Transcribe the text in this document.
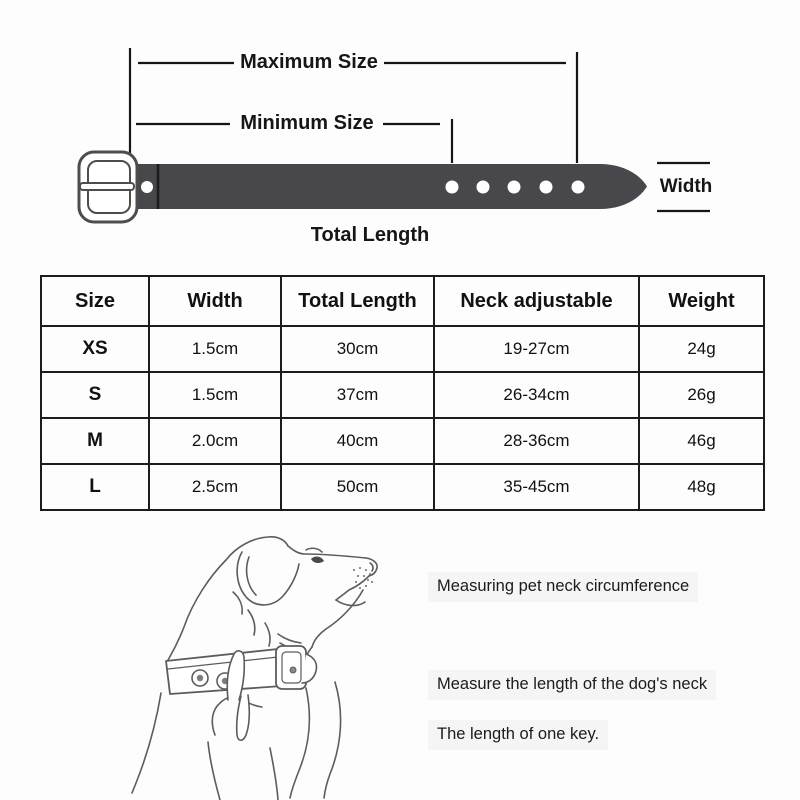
Maximum Size
Minimum Size
Width
Total Length
Size	Width	Total Length	Neck adjustable	Weight
XS	1.5cm	30cm	19-27cm	24g
S	1.5cm	37cm	26-34cm	26g
M	2.0cm	40cm	28-36cm	46g
L	2.5cm	50cm	35-45cm	48g
Measuring pet neck circumference
Measure the length of the dog's neck
The length of one key.
